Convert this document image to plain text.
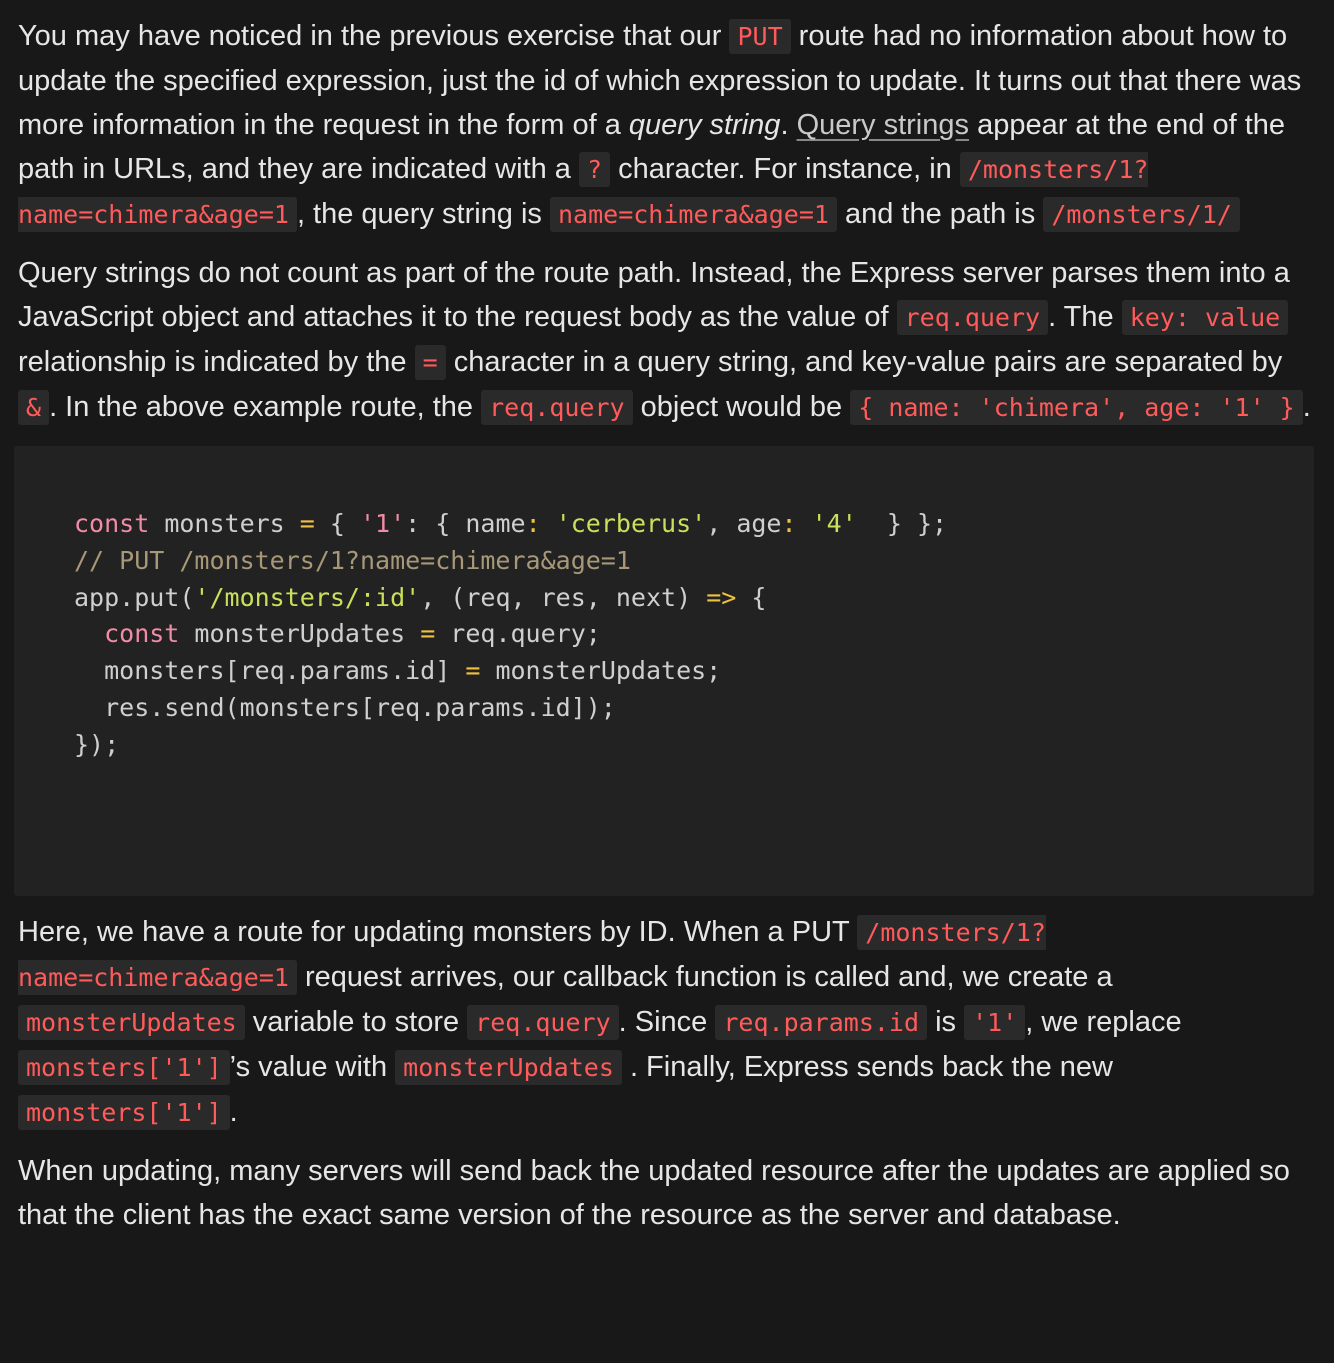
You may have noticed in the previous exercise that our PUT route had no information about how to update the specified expression, just the id of which expression to update. It turns out that there was more information in the request in the form of a query string. Query strings appear at the end of the path in URLs, and they are indicated with a ? character. For instance, in /monsters/1?name=chimera&age=1 , the query string is name=chimera&age=1 and the path is /monsters/1/

Query strings do not count as part of the route path. Instead, the Express server parses them into a JavaScript object and attaches it to the request body as the value of req.query . The key: value relationship is indicated by the = character in a query string, and key-value pairs are separated by & . In the above example route, the req.query object would be { name: 'chimera', age: '1' } .

const monsters = { '1': { name: 'cerberus', age: '4'  } };
// PUT /monsters/1?name=chimera&age=1
app.put('/monsters/:id', (req, res, next) => {
const monsterUpdates = req.query;
monsters[req.params.id] = monsterUpdates;
res.send(monsters[req.params.id]);
});

Here, we have a route for updating monsters by ID. When a PUT /monsters/1?name=chimera&age=1 request arrives, our callback function is called and, we create a monsterUpdates variable to store req.query . Since req.params.id is '1' , we replace monsters['1'] ’s value with monsterUpdates . Finally, Express sends back the new monsters['1'] .

When updating, many servers will send back the updated resource after the updates are applied so that the client has the exact same version of the resource as the server and database.
